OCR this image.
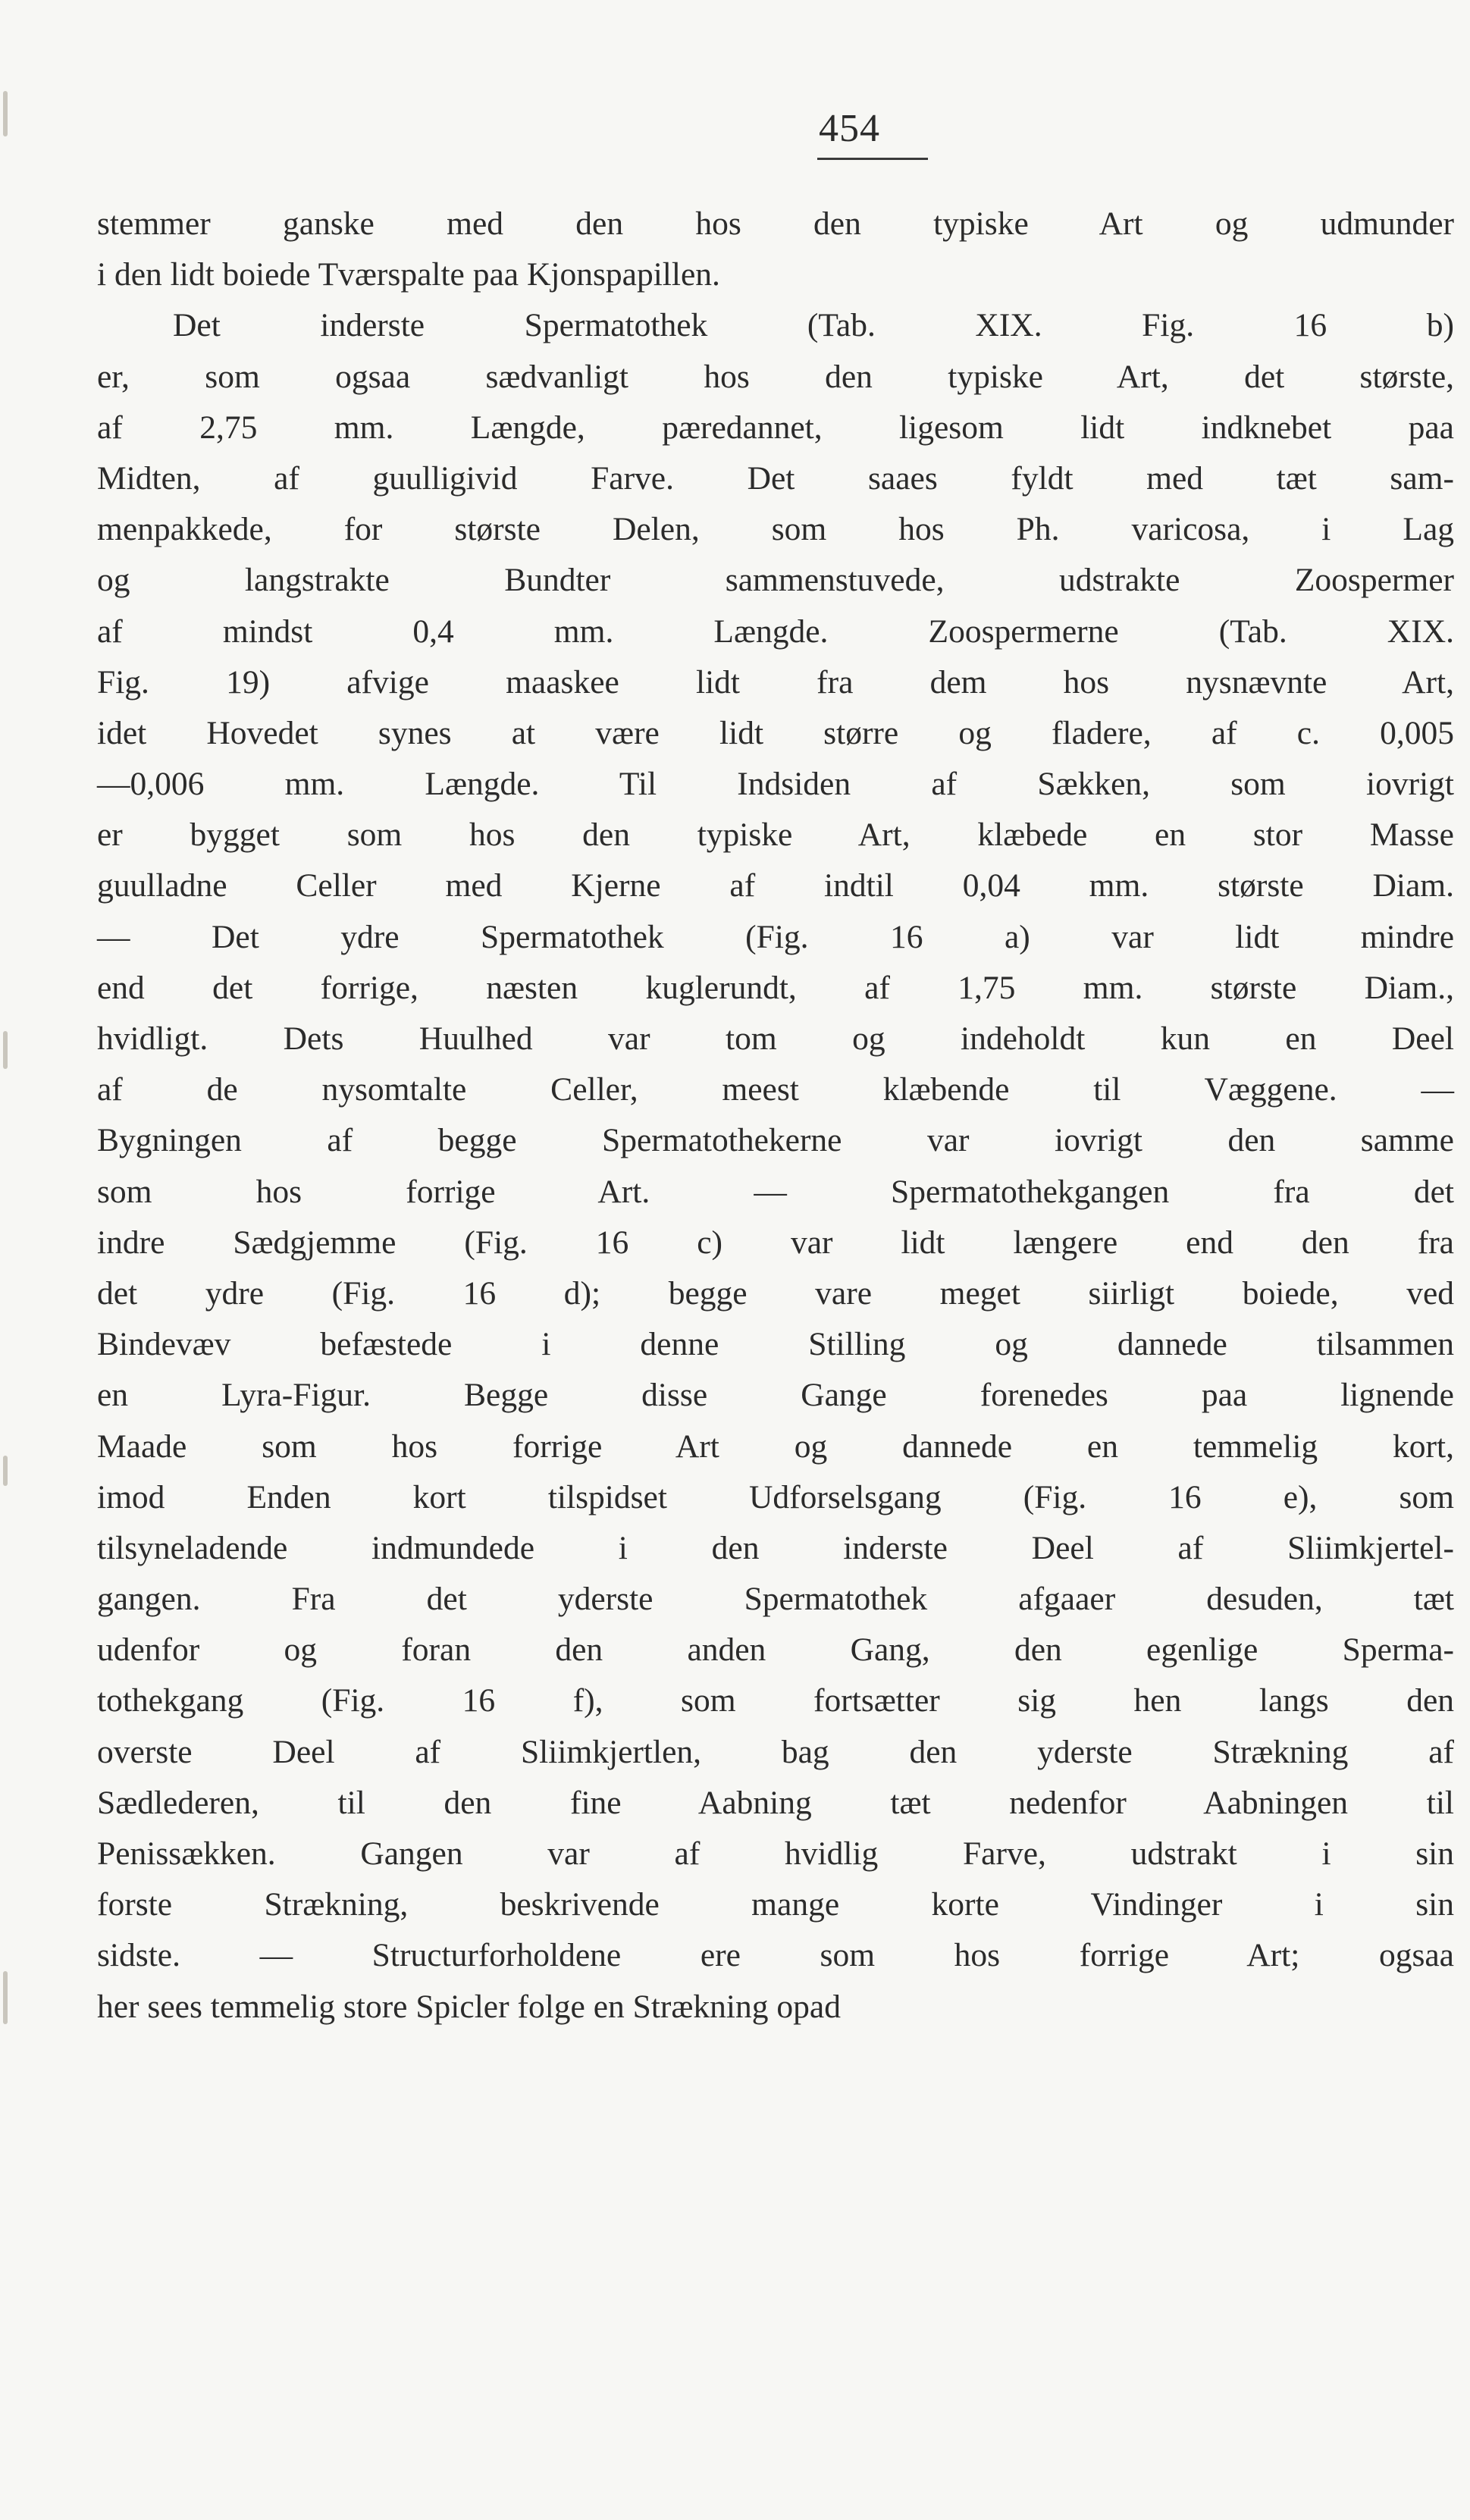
454
stemmer ganske med den hos den typiske Art og udmunder
i den lidt boiede Tværspalte paa Kjonspapillen.
Det inderste Spermatothek (Tab. XIX. Fig. 16 b)
er, som ogsaa sædvanligt hos den typiske Art, det største,
af 2,75 mm. Længde, pæredannet, ligesom lidt indknebet paa
Midten, af guulligivid Farve. Det saaes fyldt med tæt sam-
menpakkede, for største Delen, som hos Ph. varicosa, i Lag
og langstrakte Bundter sammenstuvede, udstrakte Zoospermer
af mindst 0,4 mm. Længde. Zoospermerne (Tab. XIX.
Fig. 19) afvige maaskee lidt fra dem hos nysnævnte Art,
idet Hovedet synes at være lidt større og fladere, af c. 0,005
—0,006 mm. Længde. Til Indsiden af Sækken, som iovrigt
er bygget som hos den typiske Art, klæbede en stor Masse
guulladne Celler med Kjerne af indtil 0,04 mm. største Diam.
— Det ydre Spermatothek (Fig. 16 a) var lidt mindre
end det forrige, næsten kuglerundt, af 1,75 mm. største Diam.,
hvidligt. Dets Huulhed var tom og indeholdt kun en Deel
af de nysomtalte Celler, meest klæbende til Væggene. —
Bygningen af begge Spermatothekerne var iovrigt den samme
som hos forrige Art. — Spermatothekgangen fra det
indre Sædgjemme (Fig. 16 c) var lidt længere end den fra
det ydre (Fig. 16 d); begge vare meget siirligt boiede, ved
Bindevæv befæstede i denne Stilling og dannede tilsammen
en Lyra-Figur. Begge disse Gange forenedes paa lignende
Maade som hos forrige Art og dannede en temmelig kort,
imod Enden kort tilspidset Udforselsgang (Fig. 16 e), som
tilsyneladende indmundede i den inderste Deel af Sliimkjertel-
gangen. Fra det yderste Spermatothek afgaaer desuden, tæt
udenfor og foran den anden Gang, den egenlige Sperma-
tothekgang (Fig. 16 f), som fortsætter sig hen langs den
overste Deel af Sliimkjertlen, bag den yderste Strækning af
Sædlederen, til den fine Aabning tæt nedenfor Aabningen til
Penissækken. Gangen var af hvidlig Farve, udstrakt i sin
forste Strækning, beskrivende mange korte Vindinger i sin
sidste. — Structurforholdene ere som hos forrige Art; ogsaa
her sees temmelig store Spicler folge en Strækning opad
